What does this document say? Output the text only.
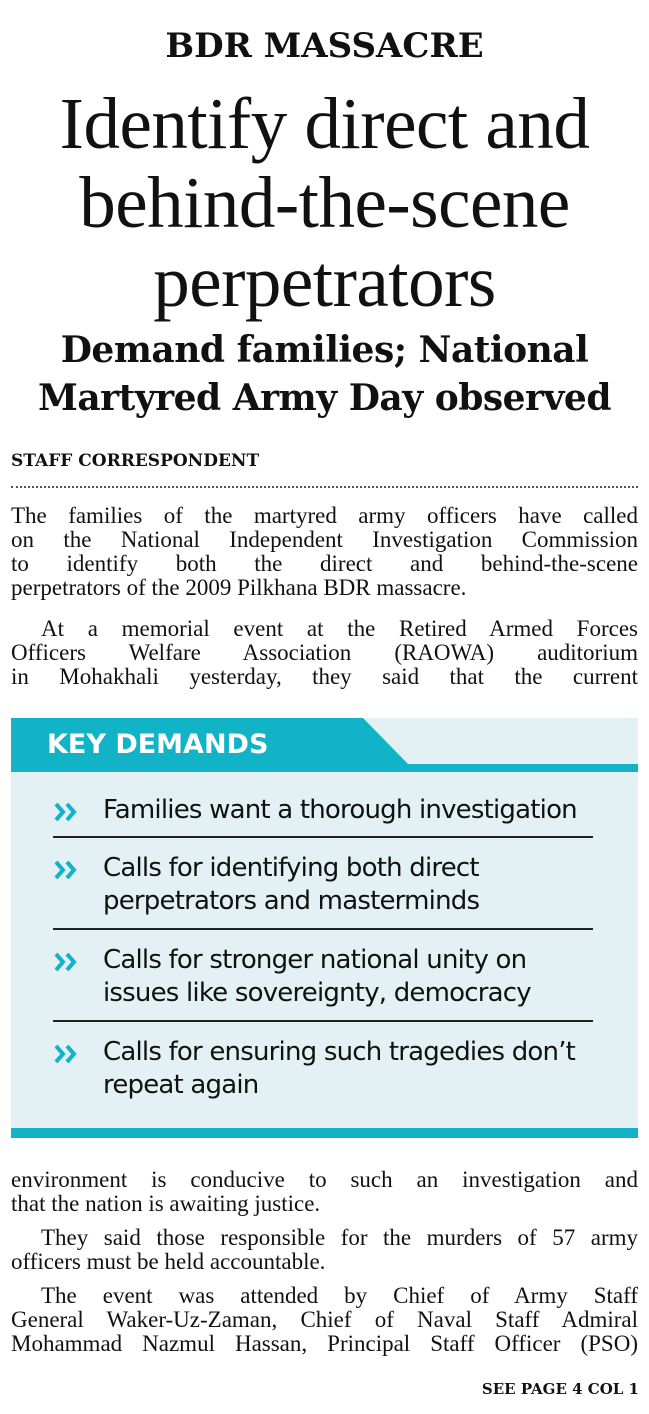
BDR MASSACRE
Identify direct and
behind-the-scene
perpetrators
Demand families; National
Martyred Army Day observed
STAFF CORRESPONDENT
The families of the martyred army officers have called
on the National Independent Investigation Commission
to identify both the direct and behind-the-scene
perpetrators of the 2009 Pilkhana BDR massacre.
At a memorial event at the Retired Armed Forces
Officers Welfare Association (RAOWA) auditorium
in Mohakhali yesterday, they said that the current
KEY DEMANDS
Families want a thorough investigation
Calls for identifying both direct
perpetrators and masterminds
Calls for stronger national unity on
issues like sovereignty, democracy
Calls for ensuring such tragedies don’t
repeat again
environment is conducive to such an investigation and
that the nation is awaiting justice.
They said those responsible for the murders of 57 army
officers must be held accountable.
The event was attended by Chief of Army Staff
General Waker-Uz-Zaman, Chief of Naval Staff Admiral
Mohammad Nazmul Hassan, Principal Staff Officer (PSO)
SEE PAGE 4 COL 1
